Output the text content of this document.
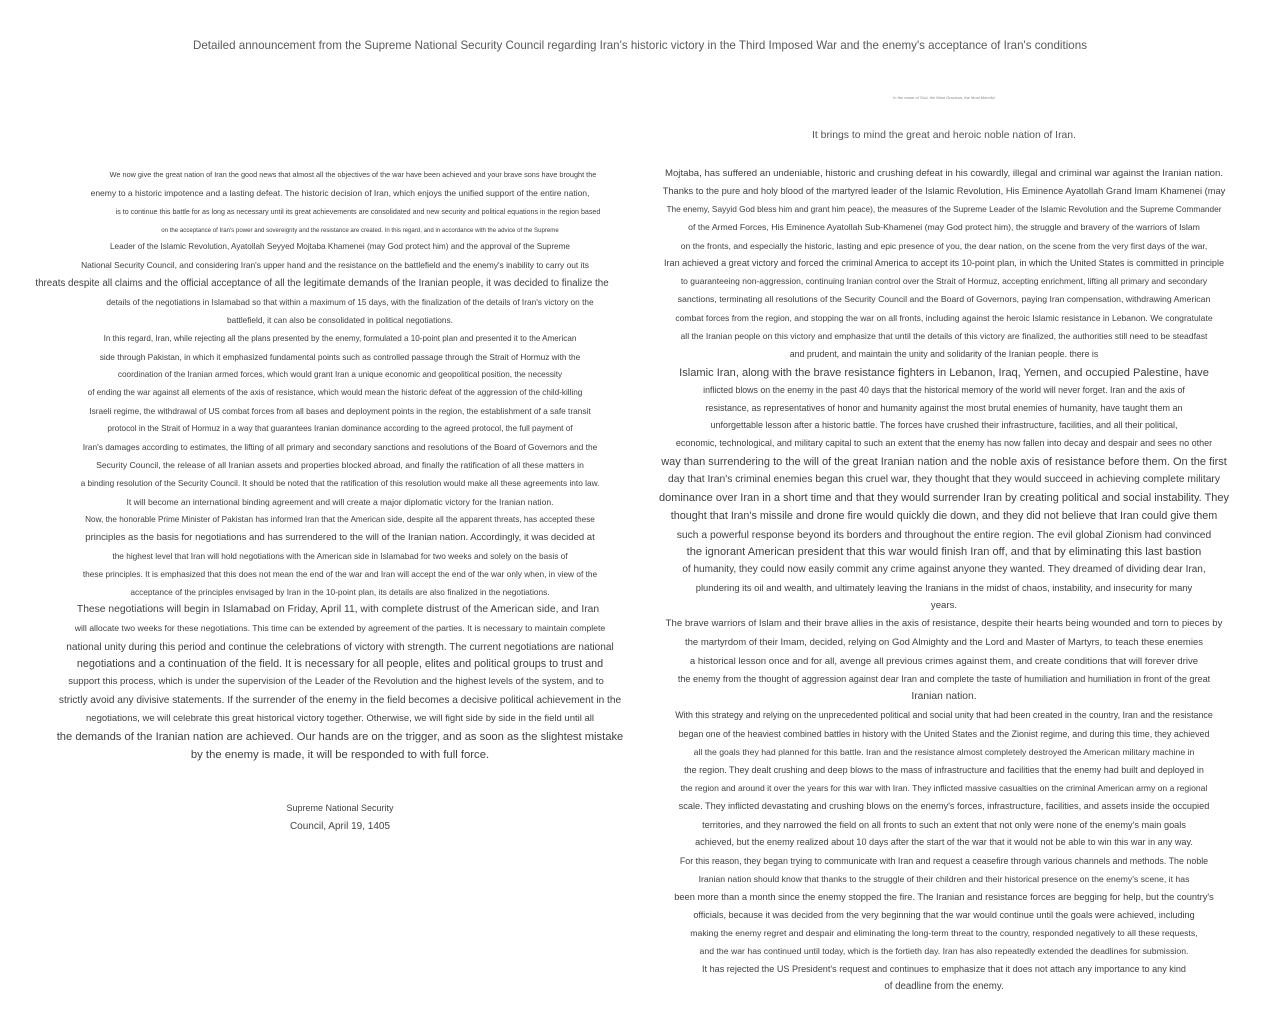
Detailed announcement from the Supreme National Security Council regarding Iran's historic victory in the Third Imposed War and the enemy's acceptance of Iran's conditions
In the name of God, the Most Gracious, the Most Merciful
It brings to mind the great and heroic noble nation of Iran.
We now give the great nation of Iran the good news that almost all the objectives of the war have been achieved and your brave sons have brought the
enemy to a historic impotence and a lasting defeat. The historic decision of Iran, which enjoys the unified support of the entire nation,
is to continue this battle for as long as necessary until its great achievements are consolidated and new security and political equations in the region based
on the acceptance of Iran's power and sovereignty and the resistance are created. In this regard, and in accordance with the advice of the Supreme
Leader of the Islamic Revolution, Ayatollah Seyyed Mojtaba Khamenei (may God protect him) and the approval of the Supreme
National Security Council, and considering Iran's upper hand and the resistance on the battlefield and the enemy's inability to carry out its
threats despite all claims and the official acceptance of all the legitimate demands of the Iranian people, it was decided to finalize the
details of the negotiations in Islamabad so that within a maximum of 15 days, with the finalization of the details of Iran's victory on the
battlefield, it can also be consolidated in political negotiations.
In this regard, Iran, while rejecting all the plans presented by the enemy, formulated a 10-point plan and presented it to the American
side through Pakistan, in which it emphasized fundamental points such as controlled passage through the Strait of Hormuz with the
coordination of the Iranian armed forces, which would grant Iran a unique economic and geopolitical position, the necessity
of ending the war against all elements of the axis of resistance, which would mean the historic defeat of the aggression of the child-killing
Israeli regime, the withdrawal of US combat forces from all bases and deployment points in the region, the establishment of a safe transit
protocol in the Strait of Hormuz in a way that guarantees Iranian dominance according to the agreed protocol, the full payment of
Iran's damages according to estimates, the lifting of all primary and secondary sanctions and resolutions of the Board of Governors and the
Security Council, the release of all Iranian assets and properties blocked abroad, and finally the ratification of all these matters in
a binding resolution of the Security Council. It should be noted that the ratification of this resolution would make all these agreements into law.
It will become an international binding agreement and will create a major diplomatic victory for the Iranian nation.
Now, the honorable Prime Minister of Pakistan has informed Iran that the American side, despite all the apparent threats, has accepted these
principles as the basis for negotiations and has surrendered to the will of the Iranian nation. Accordingly, it was decided at
the highest level that Iran will hold negotiations with the American side in Islamabad for two weeks and solely on the basis of
these principles. It is emphasized that this does not mean the end of the war and Iran will accept the end of the war only when, in view of the
acceptance of the principles envisaged by Iran in the 10-point plan, its details are also finalized in the negotiations.
These negotiations will begin in Islamabad on Friday, April 11, with complete distrust of the American side, and Iran
will allocate two weeks for these negotiations. This time can be extended by agreement of the parties. It is necessary to maintain complete
national unity during this period and continue the celebrations of victory with strength. The current negotiations are national
negotiations and a continuation of the field. It is necessary for all people, elites and political groups to trust and
support this process, which is under the supervision of the Leader of the Revolution and the highest levels of the system, and to
strictly avoid any divisive statements. If the surrender of the enemy in the field becomes a decisive political achievement in the
negotiations, we will celebrate this great historical victory together. Otherwise, we will fight side by side in the field until all
the demands of the Iranian nation are achieved. Our hands are on the trigger, and as soon as the slightest mistake
by the enemy is made, it will be responded to with full force.
Mojtaba, has suffered an undeniable, historic and crushing defeat in his cowardly, illegal and criminal war against the Iranian nation.
Thanks to the pure and holy blood of the martyred leader of the Islamic Revolution, His Eminence Ayatollah Grand Imam Khamenei (may
The enemy, Sayyid God bless him and grant him peace), the measures of the Supreme Leader of the Islamic Revolution and the Supreme Commander
of the Armed Forces, His Eminence Ayatollah Sub-Khamenei (may God protect him), the struggle and bravery of the warriors of Islam
on the fronts, and especially the historic, lasting and epic presence of you, the dear nation, on the scene from the very first days of the war,
Iran achieved a great victory and forced the criminal America to accept its 10-point plan, in which the United States is committed in principle
to guaranteeing non-aggression, continuing Iranian control over the Strait of Hormuz, accepting enrichment, lifting all primary and secondary
sanctions, terminating all resolutions of the Security Council and the Board of Governors, paying Iran compensation, withdrawing American
combat forces from the region, and stopping the war on all fronts, including against the heroic Islamic resistance in Lebanon. We congratulate
all the Iranian people on this victory and emphasize that until the details of this victory are finalized, the authorities still need to be steadfast
and prudent, and maintain the unity and solidarity of the Iranian people. there is
Islamic Iran, along with the brave resistance fighters in Lebanon, Iraq, Yemen, and occupied Palestine, have
inflicted blows on the enemy in the past 40 days that the historical memory of the world will never forget. Iran and the axis of
resistance, as representatives of honor and humanity against the most brutal enemies of humanity, have taught them an
unforgettable lesson after a historic battle. The forces have crushed their infrastructure, facilities, and all their political,
economic, technological, and military capital to such an extent that the enemy has now fallen into decay and despair and sees no other
way than surrendering to the will of the great Iranian nation and the noble axis of resistance before them. On the first
day that Iran's criminal enemies began this cruel war, they thought that they would succeed in achieving complete military
dominance over Iran in a short time and that they would surrender Iran by creating political and social instability. They
thought that Iran's missile and drone fire would quickly die down, and they did not believe that Iran could give them
such a powerful response beyond its borders and throughout the entire region. The evil global Zionism had convinced
the ignorant American president that this war would finish Iran off, and that by eliminating this last bastion
of humanity, they could now easily commit any crime against anyone they wanted. They dreamed of dividing dear Iran,
plundering its oil and wealth, and ultimately leaving the Iranians in the midst of chaos, instability, and insecurity for many
years.
The brave warriors of Islam and their brave allies in the axis of resistance, despite their hearts being wounded and torn to pieces by
the martyrdom of their Imam, decided, relying on God Almighty and the Lord and Master of Martyrs, to teach these enemies
a historical lesson once and for all, avenge all previous crimes against them, and create conditions that will forever drive
the enemy from the thought of aggression against dear Iran and complete the taste of humiliation and humiliation in front of the great
Iranian nation.
With this strategy and relying on the unprecedented political and social unity that had been created in the country, Iran and the resistance
began one of the heaviest combined battles in history with the United States and the Zionist regime, and during this time, they achieved
all the goals they had planned for this battle. Iran and the resistance almost completely destroyed the American military machine in
the region. They dealt crushing and deep blows to the mass of infrastructure and facilities that the enemy had built and deployed in
the region and around it over the years for this war with Iran. They inflicted massive casualties on the criminal American army on a regional
scale. They inflicted devastating and crushing blows on the enemy's forces, infrastructure, facilities, and assets inside the occupied
territories, and they narrowed the field on all fronts to such an extent that not only were none of the enemy's main goals
achieved, but the enemy realized about 10 days after the start of the war that it would not be able to win this war in any way.
For this reason, they began trying to communicate with Iran and request a ceasefire through various channels and methods. The noble
Iranian nation should know that thanks to the struggle of their children and their historical presence on the enemy's scene, it has
been more than a month since the enemy stopped the fire. The Iranian and resistance forces are begging for help, but the country's
officials, because it was decided from the very beginning that the war would continue until the goals were achieved, including
making the enemy regret and despair and eliminating the long-term threat to the country, responded negatively to all these requests,
and the war has continued until today, which is the fortieth day. Iran has also repeatedly extended the deadlines for submission.
It has rejected the US President's request and continues to emphasize that it does not attach any importance to any kind
of deadline from the enemy.
Supreme National Security
Council, April 19, 1405
